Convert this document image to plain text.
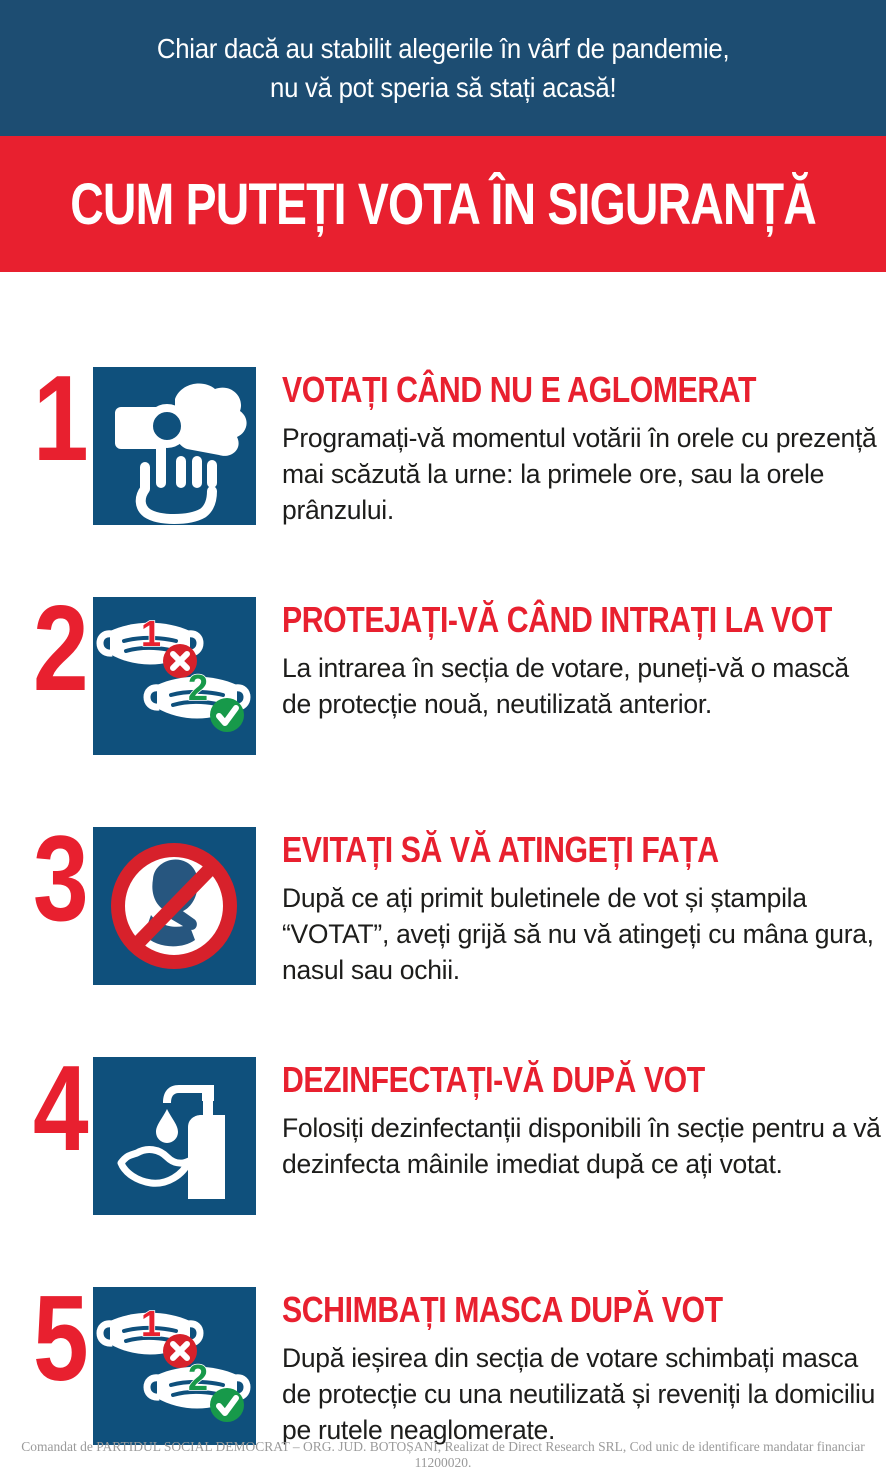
Chiar dacă au stabilit alegerile în vârf de pandemie,

nu vă pot speria să stați acasă!

CUM PUTEȚI VOTA ÎN SIGURANȚĂ
1	VOTAȚI CÂND NU E AGLOMERAT

Programați-vă momentul votării în orele cu prezență mai scăzută la urne: la primele ore, sau la orele prânzului.

2 1
2
PROTEJAȚI-VĂ CÂND INTRAȚI LA VOT

La intrarea în secția de votare, puneți-vă o mască de protecție nouă, neutilizată anterior.

3	EVITAȚI SĂ VĂ ATINGEȚI FAȚA

După ce ați primit buletinele de vot și ștampila “VOTAT”, aveți grijă să nu vă atingeți cu mâna gura, nasul sau ochii.

4	DEZINFECTAȚI-VĂ DUPĂ VOT

Folosiți dezinfectanții disponibili în secție pentru a vă dezinfecta mâinile imediat după ce ați votat.

5 1
2
SCHIMBAȚI MASCA DUPĂ VOT

După ieșirea din secția de votare schimbați masca de protecție cu una neutilizată și reveniți la domiciliu pe rutele neaglomerate.

Comandat de PARTIDUL SOCIAL DEMOCRAT – ORG. JUD. BOTOȘANI, Realizat de Direct Research SRL, Cod unic de identificare mandatar financiar 11200020.
